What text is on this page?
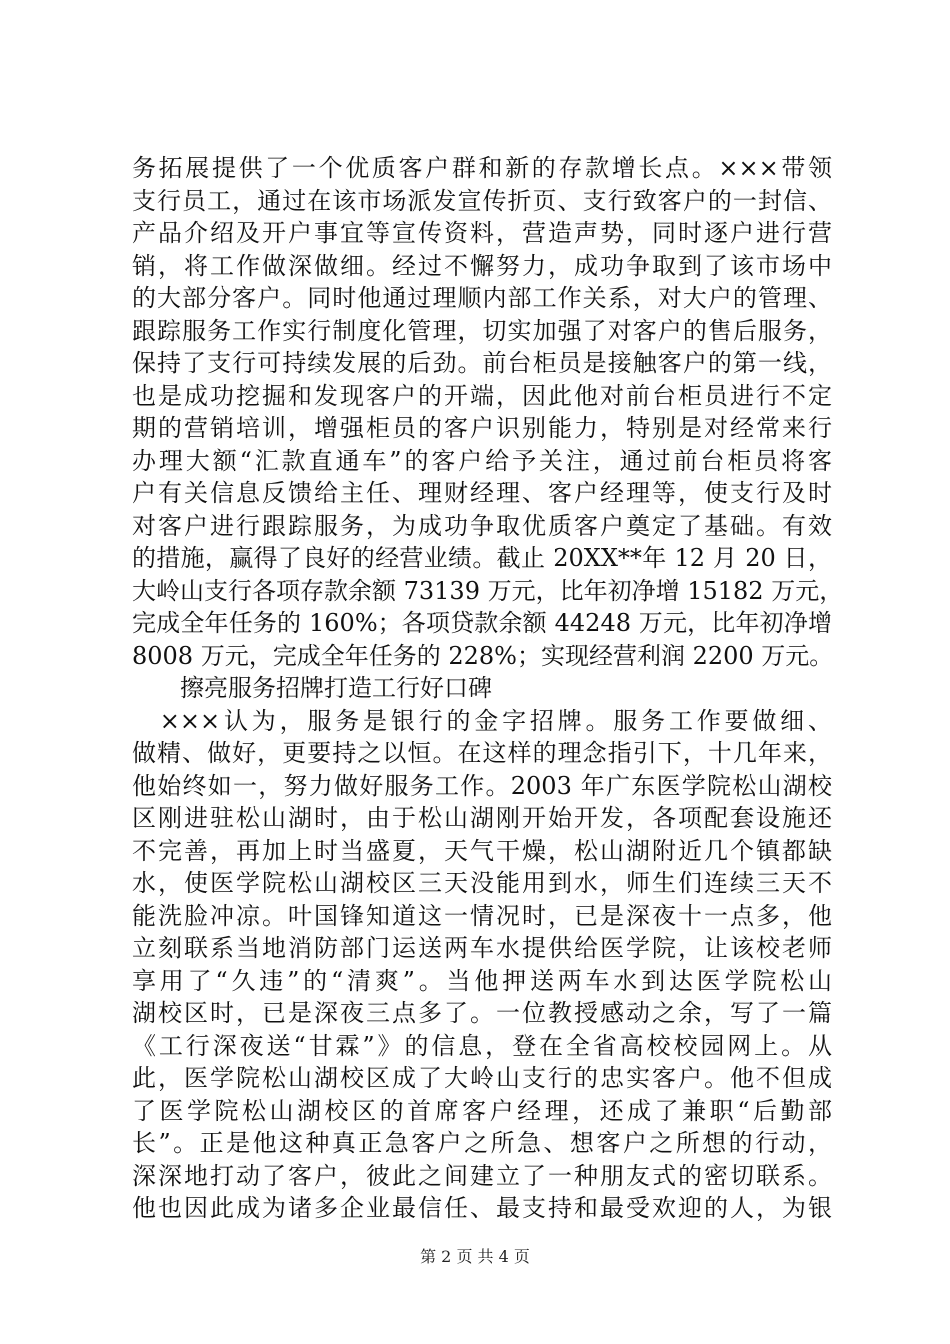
务拓展提供了一个优质客户群和新的存款增长点。×××带领
支行员工，通过在该市场派发宣传折页、支行致客户的一封信、
产品介绍及开户事宜等宣传资料，营造声势，同时逐户进行营
销，将工作做深做细。经过不懈努力，成功争取到了该市场中
的大部分客户。同时他通过理顺内部工作关系，对大户的管理、
跟踪服务工作实行制度化管理，切实加强了对客户的售后服务，
保持了支行可持续发展的后劲。前台柜员是接触客户的第一线，
也是成功挖掘和发现客户的开端，因此他对前台柜员进行不定
期的营销培训，增强柜员的客户识别能力，特别是对经常来行
办理大额“汇款直通车”的客户给予关注，通过前台柜员将客
户有关信息反馈给主任、理财经理、客户经理等，使支行及时
对客户进行跟踪服务，为成功争取优质客户奠定了基础。有效
的措施，赢得了良好的经营业绩。截止 20XX**年 12 月 20 日，
大岭山支行各项存款余额 73139 万元，比年初净增 15182 万元，
完成全年任务的 160%；各项贷款余额 44248 万元，比年初净增
8008 万元，完成全年任务的 228%；实现经营利润 2200 万元。
擦亮服务招牌打造工行好口碑
　×××认为，服务是银行的金字招牌。服务工作要做细、
做精、做好，更要持之以恒。在这样的理念指引下，十几年来，
他始终如一，努力做好服务工作。2003 年广东医学院松山湖校
区刚进驻松山湖时，由于松山湖刚开始开发，各项配套设施还
不完善，再加上时当盛夏，天气干燥，松山湖附近几个镇都缺
水，使医学院松山湖校区三天没能用到水，师生们连续三天不
能洗脸冲凉。叶国锋知道这一情况时，已是深夜十一点多，他
立刻联系当地消防部门运送两车水提供给医学院，让该校老师
享用了“久违”的“清爽”。当他押送两车水到达医学院松山
湖校区时，已是深夜三点多了。一位教授感动之余，写了一篇
《工行深夜送“甘霖”》的信息，登在全省高校校园网上。从
此，医学院松山湖校区成了大岭山支行的忠实客户。他不但成
了医学院松山湖校区的首席客户经理，还成了兼职“后勤部
长”。正是他这种真正急客户之所急、想客户之所想的行动，
深深地打动了客户，彼此之间建立了一种朋友式的密切联系。
他也因此成为诸多企业最信任、最支持和最受欢迎的人，为银
第 2 页 共 4 页
